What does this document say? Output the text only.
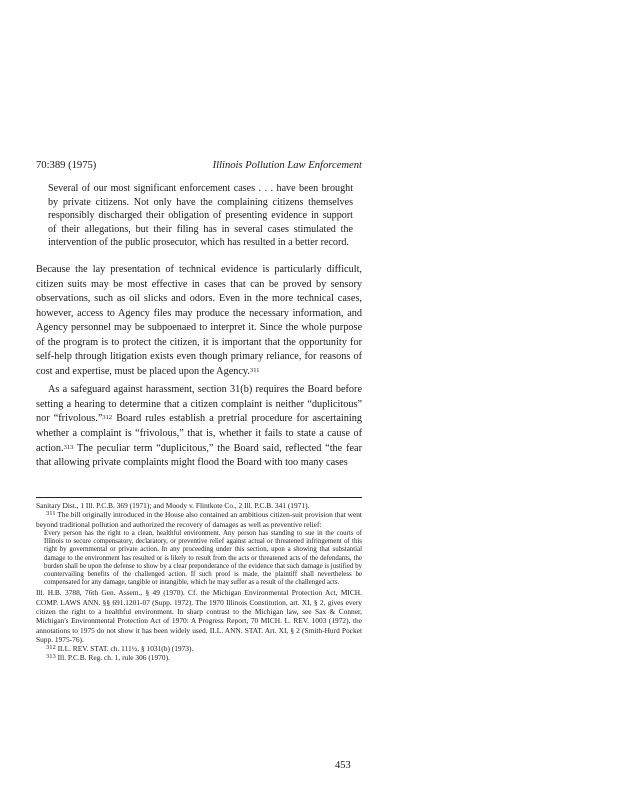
70:389 (1975)	Illinois Pollution Law Enforcement

Several of our most significant enforcement cases . . . have been brought by private citizens. Not only have the complaining citizens themselves responsibly discharged their obligation of presenting evidence in support of their allegations, but their filing has in several cases stimulated the intervention of the public prosecutor, which has resulted in a better record.

Because the lay presentation of technical evidence is particularly difficult, citizen suits may be most effective in cases that can be proved by sensory observations, such as oil slicks and odors. Even in the more technical cases, however, access to Agency files may produce the necessary information, and Agency personnel may be subpoenaed to interpret it. Since the whole purpose of the program is to protect the citizen, it is important that the opportunity for self-help through litigation exists even though primary reliance, for reasons of cost and expertise, must be placed upon the Agency.$^{311}$

As a safeguard against harassment, section 31(b) requires the Board before setting a hearing to determine that a citizen complaint is neither “duplicitous” nor “frivolous.”$^{312}$ Board rules establish a pretrial procedure for ascertaining whether a complaint is “frivolous,” that is, whether it fails to state a cause of action.$^{313}$ The peculiar term “duplicitous,” the Board said, reflected “the fear that allowing private complaints might flood the Board with too many cases

Sanitary Dist., 1 Ill. P.C.B. 369 (1971); and Moody v. Flintkote Co., 2 Ill. P.C.B. 341 (1971).

$^{311}$ The bill originally introduced in the House also contained an ambitious citizen-suit provision that went beyond traditional pollution and authorized the recovery of damages as well as preventive relief:

Every person has the right to a clean, healthful environment. Any person has standing to sue in the courts of Illinois to secure compensatory, declaratory, or preventive relief against actual or threatened infringement of this right by governmental or private action. In any proceeding under this section, upon a showing that substantial damage to the environment has resulted or is likely to result from the acts or threatened acts of the defendants, the burden shall be upon the defense to show by a clear preponderance of the evidence that such damage is justified by countervailing benefits of the challenged action. If such proof is made, the plaintiff shall nevertheless be compensated for any damage, tangible or intangible, which he may suffer as a result of the challenged acts.

Ill. H.B. 3788, 76th Gen. Assem., § 49 (1970). Cf. the Michigan Environmental Protection Act, MICH. COMP. LAWS ANN. §§ 691.1201-07 (Supp. 1972). The 1970 Illinois Constitution, art. XI, § 2, gives every citizen the right to a healthful environment. In sharp contrast to the Michigan law, see Sax & Conner, Michigan's Environmental Protection Act of 1970: A Progress Report, 70 MICH. L. REV. 1003 (1972), the annotations to 1975 do not show it has been widely used. ILL. ANN. STAT. Art. XI, § 2 (Smith-Hurd Pocket Supp. 1975-76).

$^{312}$ ILL. REV. STAT. ch. 111½, § 1031(b) (1973).

$^{313}$ Ill. P.C.B. Reg. ch. 1, rule 306 (1970).

453
